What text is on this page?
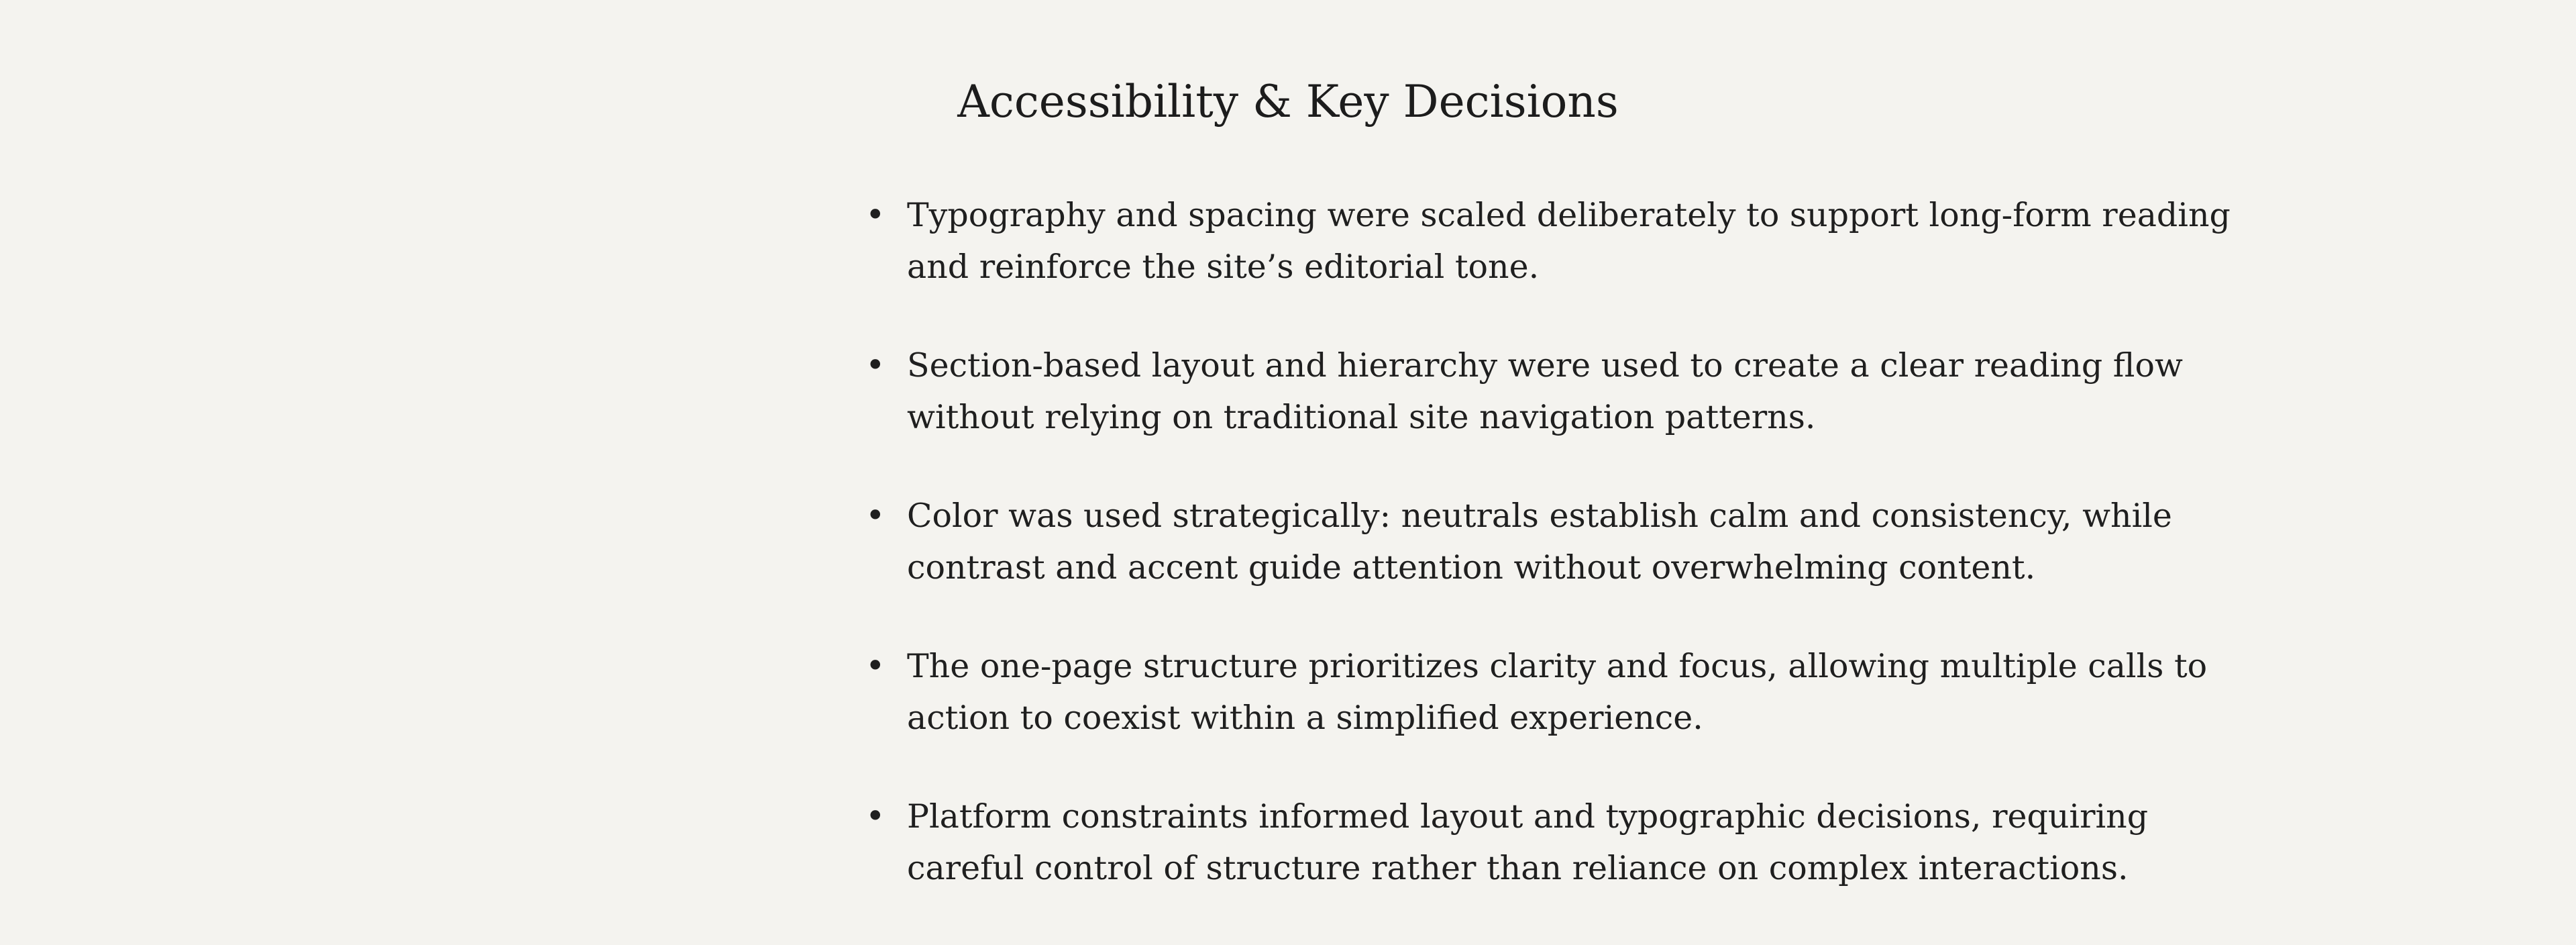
Accessibility & Key Decisions
• Typography and spacing were scaled deliberately to support long-form reading and reinforce the site’s editorial tone.
• Section-based layout and hierarchy were used to create a clear reading flow without relying on traditional site navigation patterns.
• Color was used strategically: neutrals establish calm and consistency, while contrast and accent guide attention without overwhelming content.
• The one-page structure prioritizes clarity and focus, allowing multiple calls to action to coexist within a simplified experience.
• Platform constraints informed layout and typographic decisions, requiring careful control of structure rather than reliance on complex interactions.
